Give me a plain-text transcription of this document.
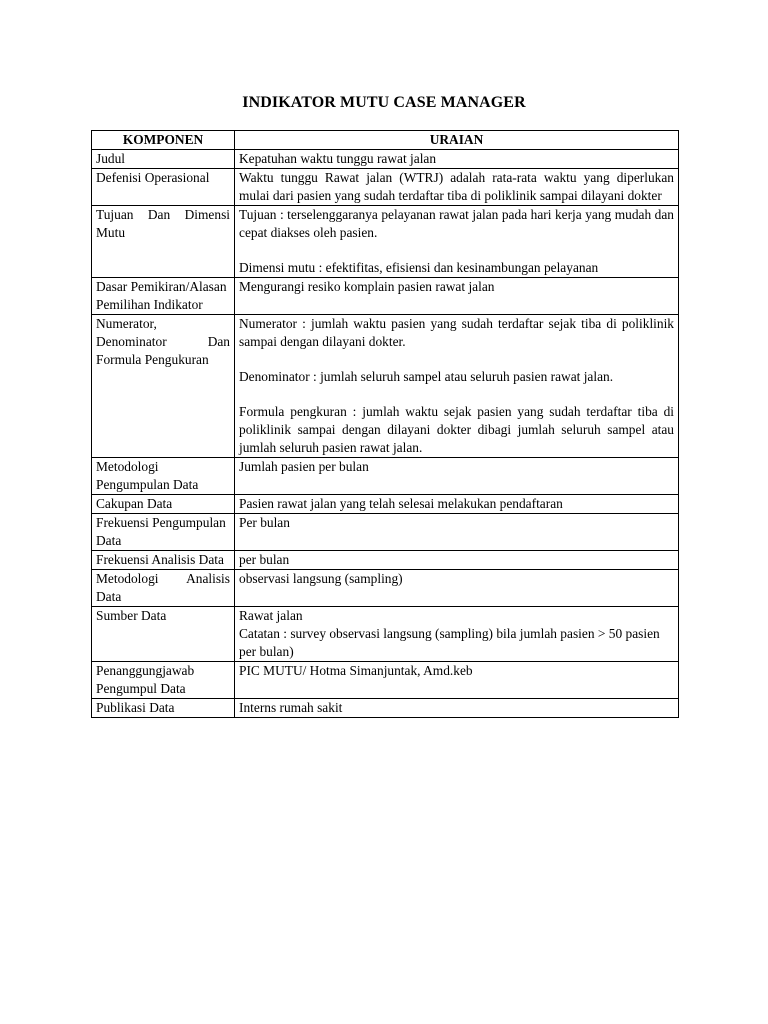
INDIKATOR MUTU CASE MANAGER
KOMPONEN	URAIAN
Judul	Kepatuhan waktu tunggu rawat jalan

Defenisi Operasional	Waktu tunggu Rawat jalan (WTRJ) adalah rata-rata waktu yang diperlukan mulai dari pasien yang sudah terdaftar tiba di poliklinik sampai dilayani dokter

Tujuan Dan Dimensi Mutu	Tujuan : terselenggaranya pelayanan rawat jalan pada hari kerja yang mudah dan cepat diakses oleh pasien.

Dimensi mutu : efektifitas, efisiensi dan kesinambungan pelayanan

Dasar Pemikiran/Alasan Pemilihan Indikator	Mengurangi resiko komplain pasien rawat jalan

Numerator, Denominator Dan Formula Pengukuran	Numerator : jumlah waktu pasien yang sudah terdaftar sejak tiba di poliklinik sampai dengan dilayani dokter.

Denominator : jumlah seluruh sampel atau seluruh pasien rawat jalan.

Formula pengkuran : jumlah waktu sejak pasien yang sudah terdaftar tiba di poliklinik sampai dengan dilayani dokter dibagi jumlah seluruh sampel atau jumlah seluruh pasien rawat jalan.

Metodologi Pengumpulan Data	Jumlah pasien per bulan

Cakupan Data	Pasien rawat jalan yang telah selesai melakukan pendaftaran

Frekuensi Pengumpulan Data	Per bulan

Frekuensi Analisis Data	per bulan

Metodologi Analisis Data	observasi langsung (sampling)

Sumber Data	Rawat jalan
Catatan : survey observasi langsung (sampling) bila jumlah pasien > 50 pasien per bulan)

Penanggungjawab Pengumpul Data	PIC MUTU/ Hotma Simanjuntak, Amd.keb

Publikasi Data	Interns rumah sakit
